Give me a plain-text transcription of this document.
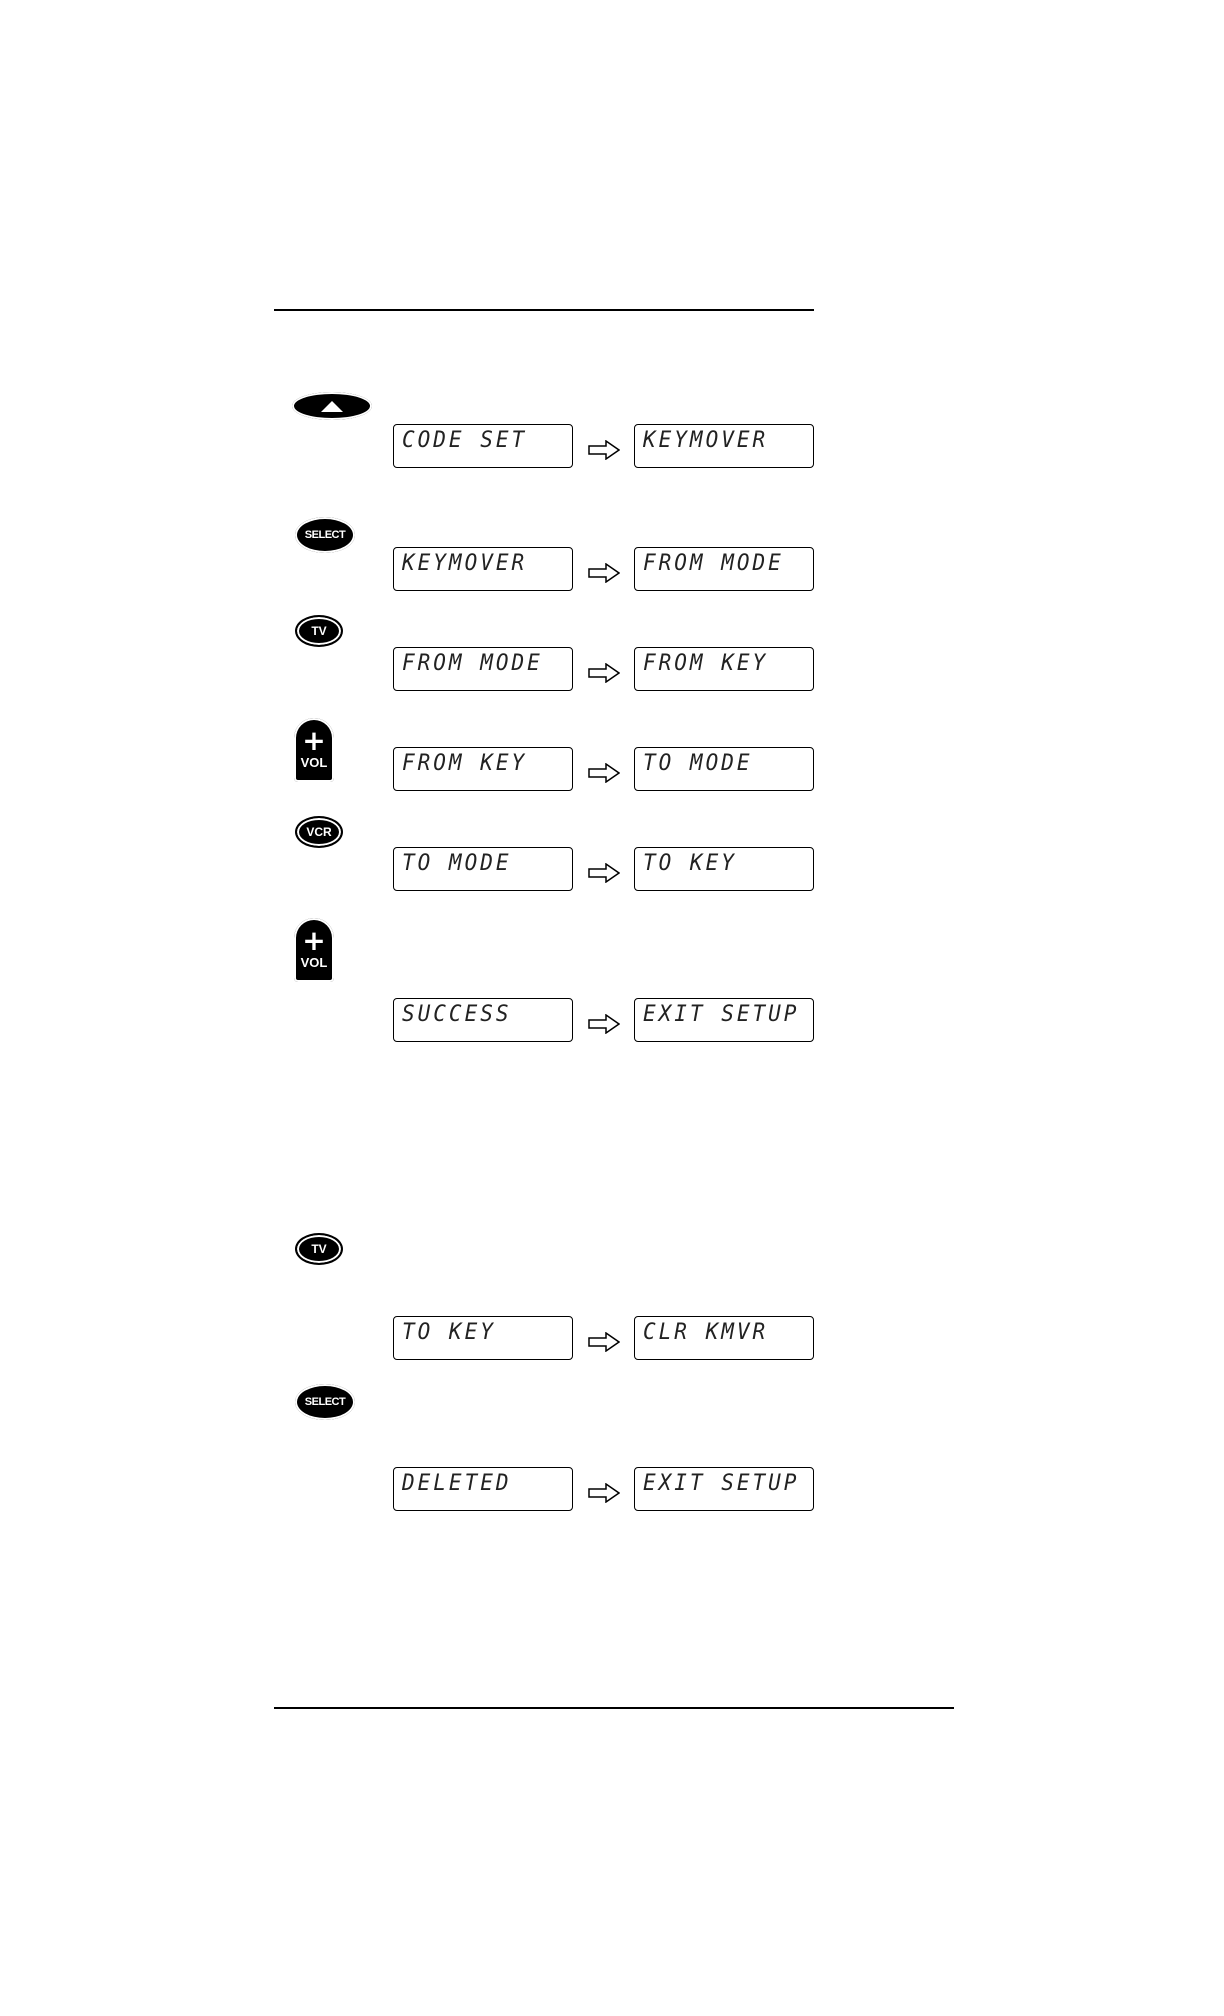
SELECT
TV
+
VOL
VCR
+
VOL
TV
SELECT
CODE SET	KEYMOVER
KEYMOVER	FROM MODE
FROM MODE	FROM KEY
FROM KEY	TO MODE
TO MODE	TO KEY
SUCCESS	EXIT SETUP
TO KEY	CLR KMVR
DELETED	EXIT SETUP
